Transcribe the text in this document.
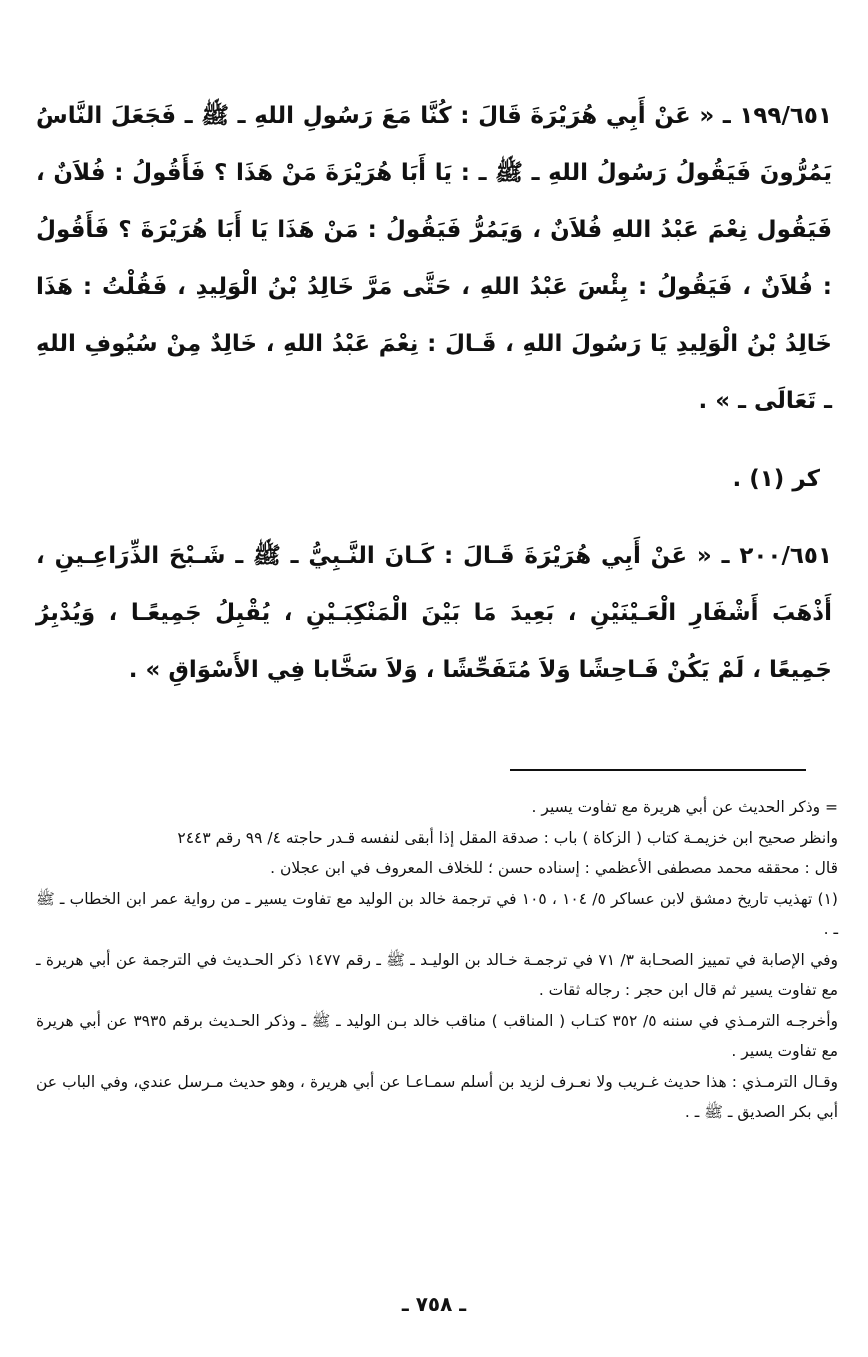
١٩٩/٦٥١ ـ « عَنْ أَبِي هُرَيْرَةَ قَالَ : كُنَّا مَعَ رَسُولِ اللهِ ـ ﷺ ـ فَجَعَلَ النَّاسُ يَمُرُّونَ فَيَقُولُ رَسُولُ اللهِ ـ ﷺ ـ : يَا أَبَا هُرَيْرَةَ مَنْ هَذَا ؟ فَأَقُولُ : فُلاَنٌ ، فَيَقُول نِعْمَ عَبْدُ اللهِ فُلاَنٌ ، وَيَمُرُّ فَيَقُولُ : مَنْ هَذَا يَا أَبَا هُرَيْرَةَ ؟ فَأَقُولُ : فُلاَنٌ ، فَيَقُولُ : بِئْسَ عَبْدُ اللهِ ، حَتَّى مَرَّ خَالِدُ بْنُ الْوَلِيدِ ، فَقُلْتُ : هَذَا خَالِدُ بْنُ الْوَلِيدِ يَا رَسُولَ اللهِ ، قَـالَ : نِعْمَ عَبْدُ اللهِ ، خَالِدٌ مِنْ سُيُوفِ اللهِ ـ تَعَالَى ـ » .
كر (١) .
٢٠٠/٦٥١ ـ « عَنْ أَبِي هُرَيْرَةَ قَـالَ : كَـانَ النَّـبِيُّ ـ ﷺ ـ شَـبْحَ الذِّرَاعِـينِ ، أَذْهَبَ أَشْفَارِ الْعَـيْنَيْنِ ، بَعِيدَ مَا بَيْنَ الْمَنْكِبَـيْنِ ، يُقْبِلُ جَمِيعًـا ، وَيُدْبِرُ جَمِيعًا ، لَمْ يَكُنْ فَـاحِشًا وَلاَ مُتَفَحِّشًا ، وَلاَ سَخَّابا فِي الأَسْوَاقِ » .

= وذكر الحديث عن أبي هريرة مع تفاوت يسير .

وانظر صحيح ابن خزيمـة كتاب ( الزكاة ) باب : صدقة المقل إذا أبقى لنفسه قـدر حاجته ٤/ ٩٩ رقم ٢٤٤٣

قال : محققه محمد مصطفى الأعظمي : إسناده حسن ؛ للخلاف المعروف في ابن عجلان .

(١) تهذيب تاريخ دمشق لابن عساكر ٥/ ١٠٤ ، ١٠٥ في ترجمة خالد بن الوليد مع تفاوت يسير ـ من رواية عمر ابن الخطاب ـ ﷺ ـ .

وفي الإصابة في تمييز الصحـابة ٣/ ٧١ في ترجمـة خـالد بن الوليـد ـ ﷺ ـ رقم ١٤٧٧ ذكر الحـديث في الترجمة عن أبي هريرة ـ مع تفاوت يسير ثم قال ابن حجر : رجاله ثقات .

وأخرجـه الترمـذي في سننه ٥/ ٣٥٢ كتـاب ( المناقب ) مناقب خالد بـن الوليد ـ ﷺ ـ وذكر الحـديث برقم ٣٩٣٥ عن أبي هريرة مع تفاوت يسير .

وقـال الترمـذي : هذا حديث غـريب ولا نعـرف لزيد بن أسلم سمـاعـا عن أبي هريرة ، وهو حديث مـرسل عندي، وفي الباب عن أبي بكر الصديق ـ ﷺ ـ .

ـ ٧٥٨ ـ
